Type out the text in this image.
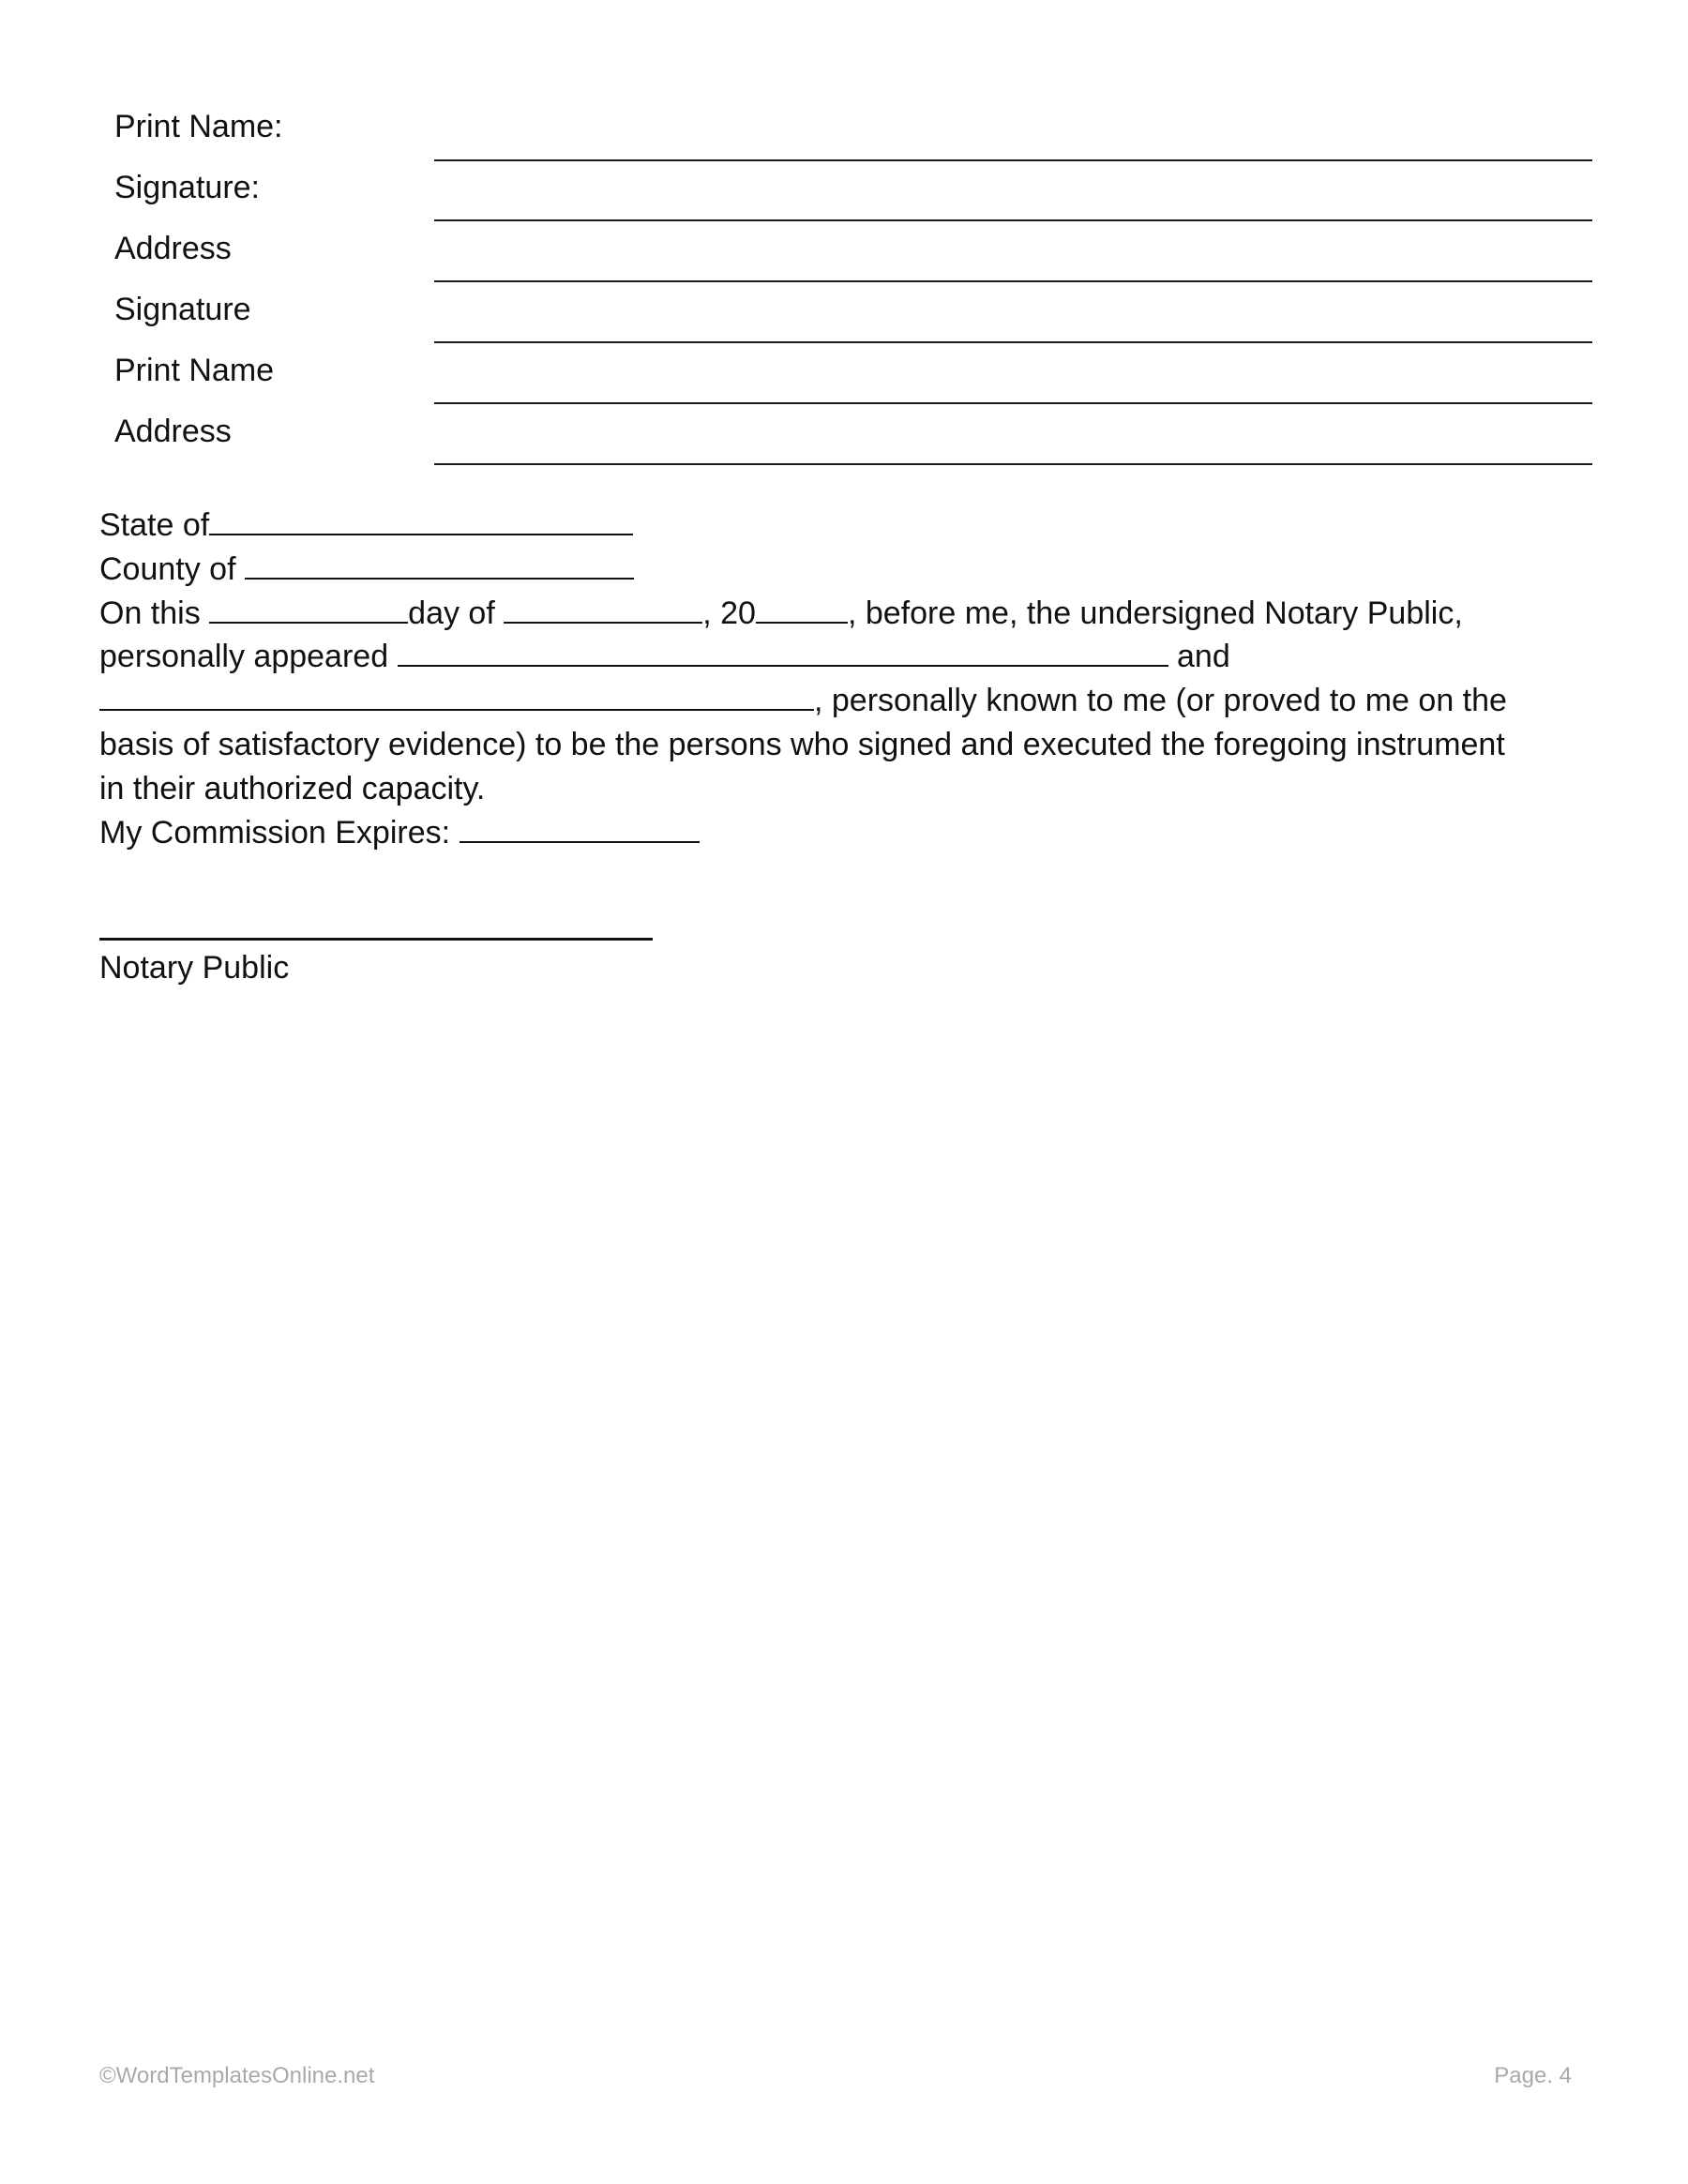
Print Name:
Signature:
Address
Signature
Print Name
Address
State of
County of
On this	day of	, 20	, before me, the undersigned Notary Public,
personally appeared	and
, personally known to me (or proved to me on the
basis of satisfactory evidence) to be the persons who signed and executed the foregoing instrument
in their authorized capacity.
My Commission Expires:
Notary Public
©WordTemplatesOnline.net	Page. 4
